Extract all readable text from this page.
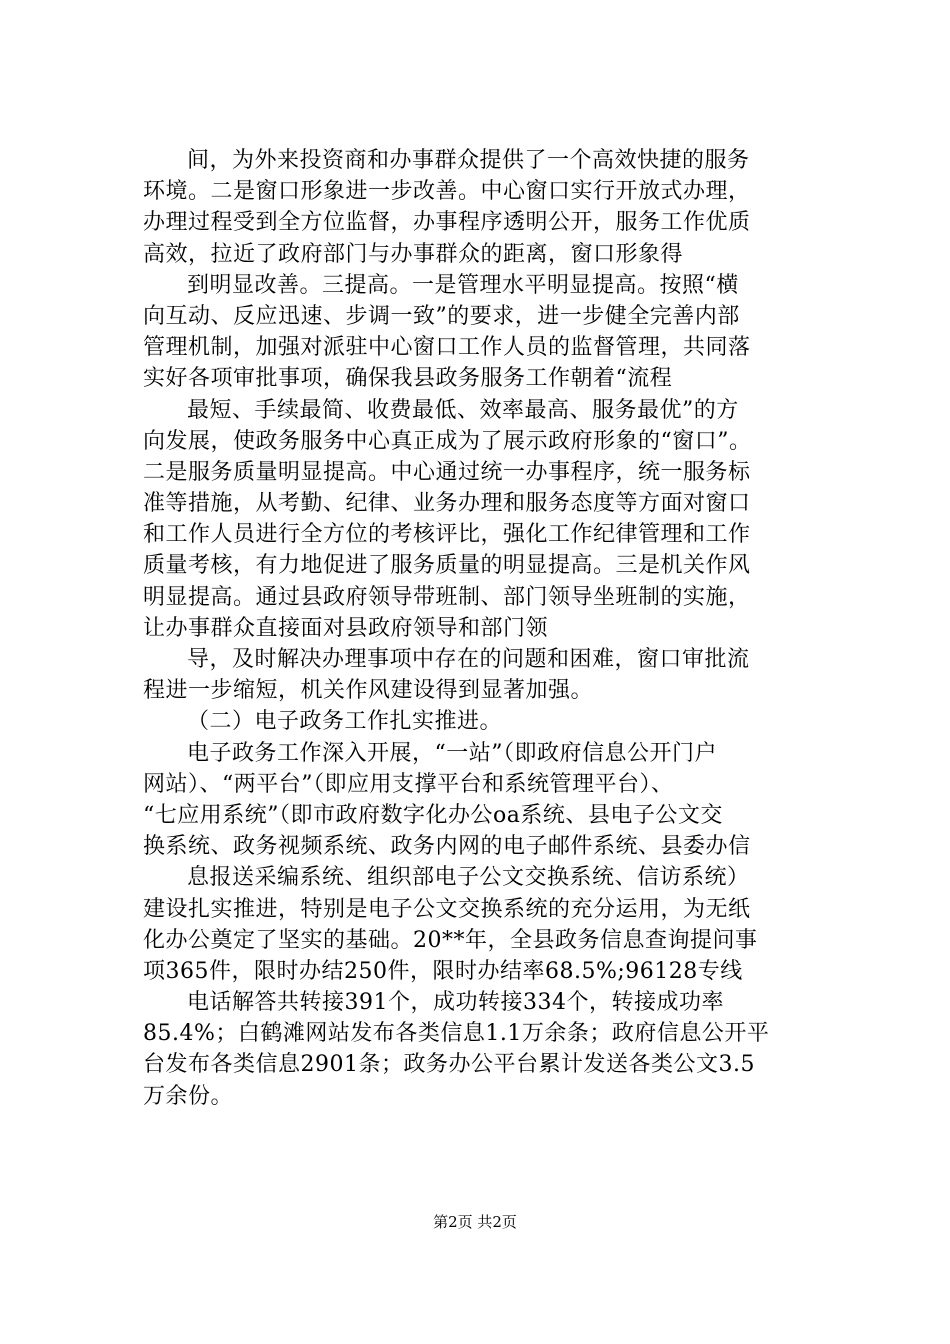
间，为外来投资商和办事群众提供了一个高效快捷的服务
环境。二是窗口形象进一步改善。中心窗口实行开放式办理，
办理过程受到全方位监督，办事程序透明公开，服务工作优质
高效，拉近了政府部门与办事群众的距离，窗口形象得
到明显改善。三提高。一是管理水平明显提高。按照“横
向互动、反应迅速、步调一致”的要求，进一步健全完善内部
管理机制，加强对派驻中心窗口工作人员的监督管理，共同落
实好各项审批事项，确保我县政务服务工作朝着“流程
最短、手续最简、收费最低、效率最高、服务最优”的方
向发展，使政务服务中心真正成为了展示政府形象的“窗口”。
二是服务质量明显提高。中心通过统一办事程序，统一服务标
准等措施，从考勤、纪律、业务办理和服务态度等方面对窗口
和工作人员进行全方位的考核评比，强化工作纪律管理和工作
质量考核，有力地促进了服务质量的明显提高。三是机关作风
明显提高。通过县政府领导带班制、部门领导坐班制的实施，
让办事群众直接面对县政府领导和部门领
导，及时解决办理事项中存在的问题和困难，窗口审批流
程进一步缩短，机关作风建设得到显著加强。
（二）电子政务工作扎实推进。
电子政务工作深入开展，“一站”（即政府信息公开门户
网站）、“两平台”（即应用支撑平台和系统管理平台）、
“七应用系统”（即市政府数字化办公oa系统、县电子公文交
换系统、政务视频系统、政务内网的电子邮件系统、县委办信
息报送采编系统、组织部电子公文交换系统、信访系统）
建设扎实推进，特别是电子公文交换系统的充分运用，为无纸
化办公奠定了坚实的基础。20**年，全县政务信息查询提问事
项365件，限时办结250件，限时办结率68.5%;96128专线
电话解答共转接391个，成功转接334个，转接成功率
85.4%；白鹤滩网站发布各类信息1.1万余条；政府信息公开平
台发布各类信息2901条；政务办公平台累计发送各类公文3.5
万余份。
第2页 共2页
